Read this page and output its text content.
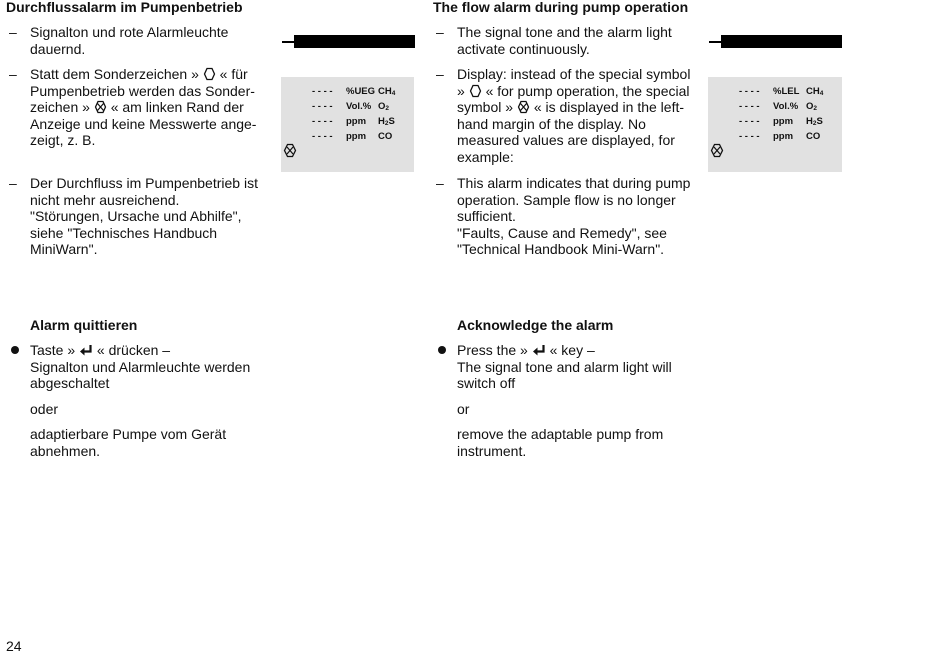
Durchflussalarm im Pumpenbetrieb
– Signalton und rote Alarmleuchte dauernd.
– Statt dem Sonderzeichen » « für Pumpenbetrieb werden das Sonder-zeichen » « am linken Rand der Anzeige und keine Messwerte ange-zeigt, z. B.
– Der Durchfluss im Pumpenbetrieb ist nicht mehr ausreichend.
"Störungen, Ursache und Abhilfe", siehe "Technisches Handbuch MiniWarn".
Alarm quittieren
Taste » « drücken –
Signalton und Alarmleuchte werden abgeschaltet
oder
adaptierbare Pumpe vom Gerät abnehmen.
- - - - %UEG $CH_4$
- - - - Vol.% $O_2$
- - - - ppm $H_2S$
- - - - ppm CO
The flow alarm during pump operation
– The signal tone and the alarm light activate continuously.
– Display: instead of the special symbol » « for pump operation, the special symbol » « is displayed in the left-hand margin of the display. No measured values are displayed, for example:
– This alarm indicates that during pump operation. Sample flow is no longer sufficient.
"Faults, Cause and Remedy", see "Technical Handbook Mini-Warn".
Acknowledge the alarm
Press the » « key –
The signal tone and alarm light will switch off
or
remove the adaptable pump from instrument.
- - - - %LEL $CH_4$
- - - - Vol.% $O_2$
- - - - ppm $H_2S$
- - - - ppm CO
24
